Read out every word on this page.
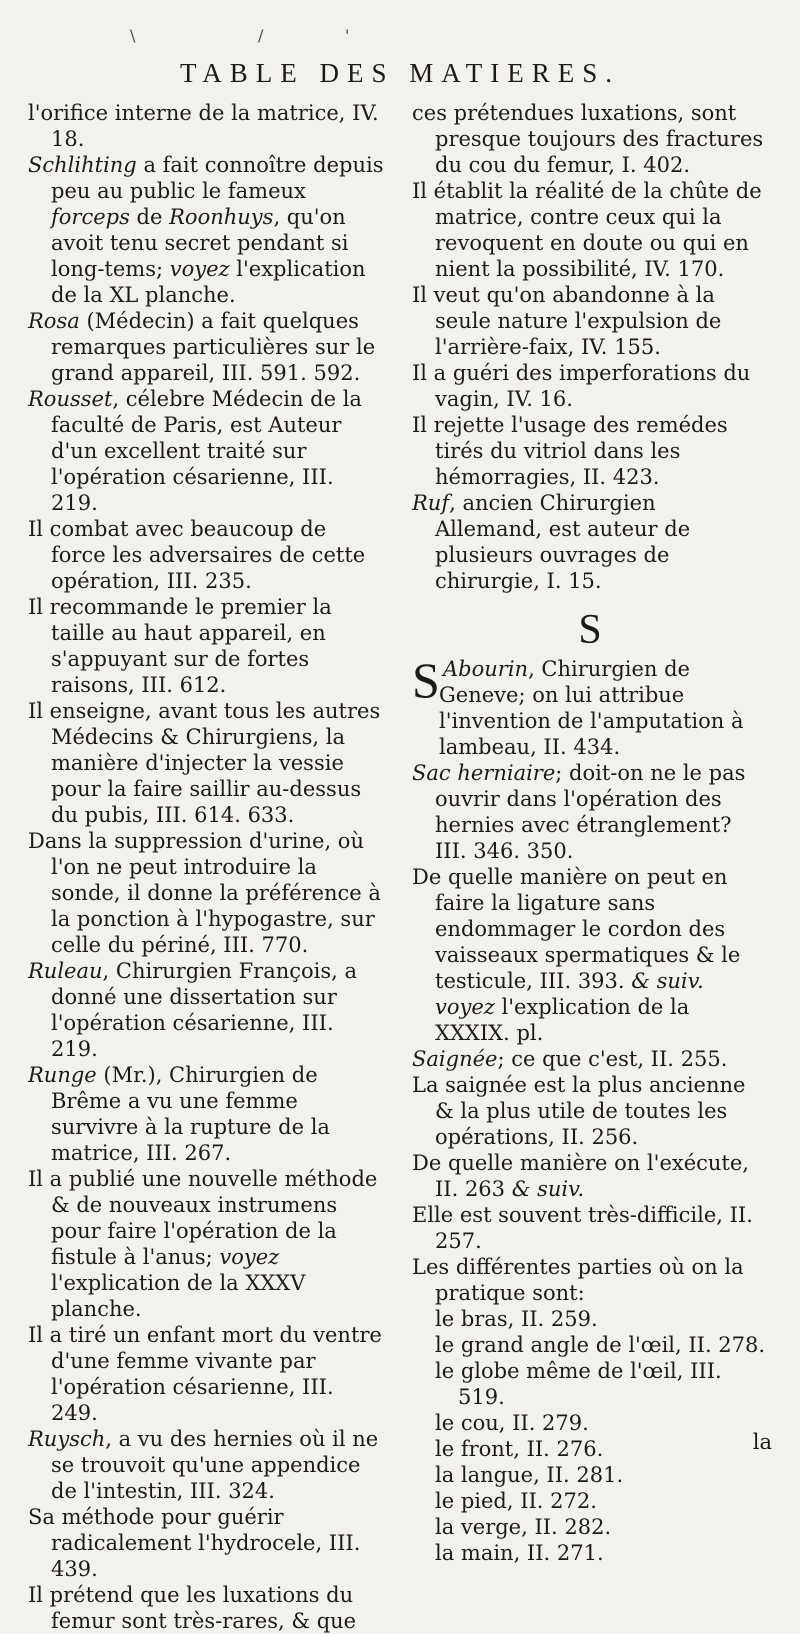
\	/	'
TABLE DES MATIERES.

l'orifice interne de la matrice, IV. 18.

Schlihting a fait connoître depuis peu au public le fameux forceps de Roonhuys, qu'on avoit tenu secret pendant si long-tems; voyez l'explication de la XL planche.

Rosa (Médecin) a fait quelques remarques particulières sur le grand appareil, III. 591. 592.

Rousset, célebre Médecin de la faculté de Paris, est Auteur d'un excellent traité sur l'opération césarienne, III. 219.

Il combat avec beaucoup de force les adversaires de cette opération, III. 235.

Il recommande le premier la taille au haut appareil, en s'appuyant sur de fortes raisons, III. 612.

Il enseigne, avant tous les autres Médecins & Chirurgiens, la manière d'injecter la vessie pour la faire saillir au-dessus du pubis, III. 614. 633.

Dans la suppression d'urine, où l'on ne peut introduire la sonde, il donne la préférence à la ponction à l'hypogastre, sur celle du périné, III. 770.

Ruleau, Chirurgien François, a donné une dissertation sur l'opération césarienne, III. 219.

Runge (Mr.), Chirurgien de Brême a vu une femme survivre à la rupture de la matrice, III. 267.

Il a publié une nouvelle méthode & de nouveaux instrumens pour faire l'opération de la fistule à l'anus; voyez l'explication de la XXXV planche.

Il a tiré un enfant mort du ventre d'une femme vivante par l'opération césarienne, III. 249.

Ruysch, a vu des hernies où il ne se trouvoit qu'une appendice de l'intestin, III. 324.

Sa méthode pour guérir radicalement l'hydrocele, III. 439.

Il prétend que les luxations du femur sont très-rares, & que

ces prétendues luxations, sont presque toujours des fractures du cou du femur, I. 402.

Il établit la réalité de la chûte de matrice, contre ceux qui la revoquent en doute ou qui en nient la possibilité, IV. 170.

Il veut qu'on abandonne à la seule nature l'expulsion de l'arrière-faix, IV. 155.

Il a guéri des imperforations du vagin, IV. 16.

Il rejette l'usage des remédes tirés du vitriol dans les hémorragies, II. 423.

Ruf, ancien Chirurgien Allemand, est auteur de plusieurs ouvrages de chirurgie, I. 15.

S

S Abourin, Chirurgien de Geneve; on lui attribue l'invention de l'amputation à lambeau, II. 434.

Sac herniaire; doit-on ne le pas ouvrir dans l'opération des hernies avec étranglement? III. 346. 350.

De quelle manière on peut en faire la ligature sans endommager le cordon des vaisseaux spermatiques & le testicule, III. 393. & suiv. voyez l'explication de la XXXIX. pl.

Saignée; ce que c'est, II. 255.

La saignée est la plus ancienne & la plus utile de toutes les opérations, II. 256.

De quelle manière on l'exécute, II. 263 & suiv.

Elle est souvent très-difficile, II. 257.

Les différentes parties où on la pratique sont:

le bras, II. 259.

le grand angle de l'œil, II. 278.

le globe même de l'œil, III. 519.

le cou, II. 279.

le front, II. 276.

la langue, II. 281.

le pied, II. 272.

la verge, II. 282.

la main, II. 271.

la
